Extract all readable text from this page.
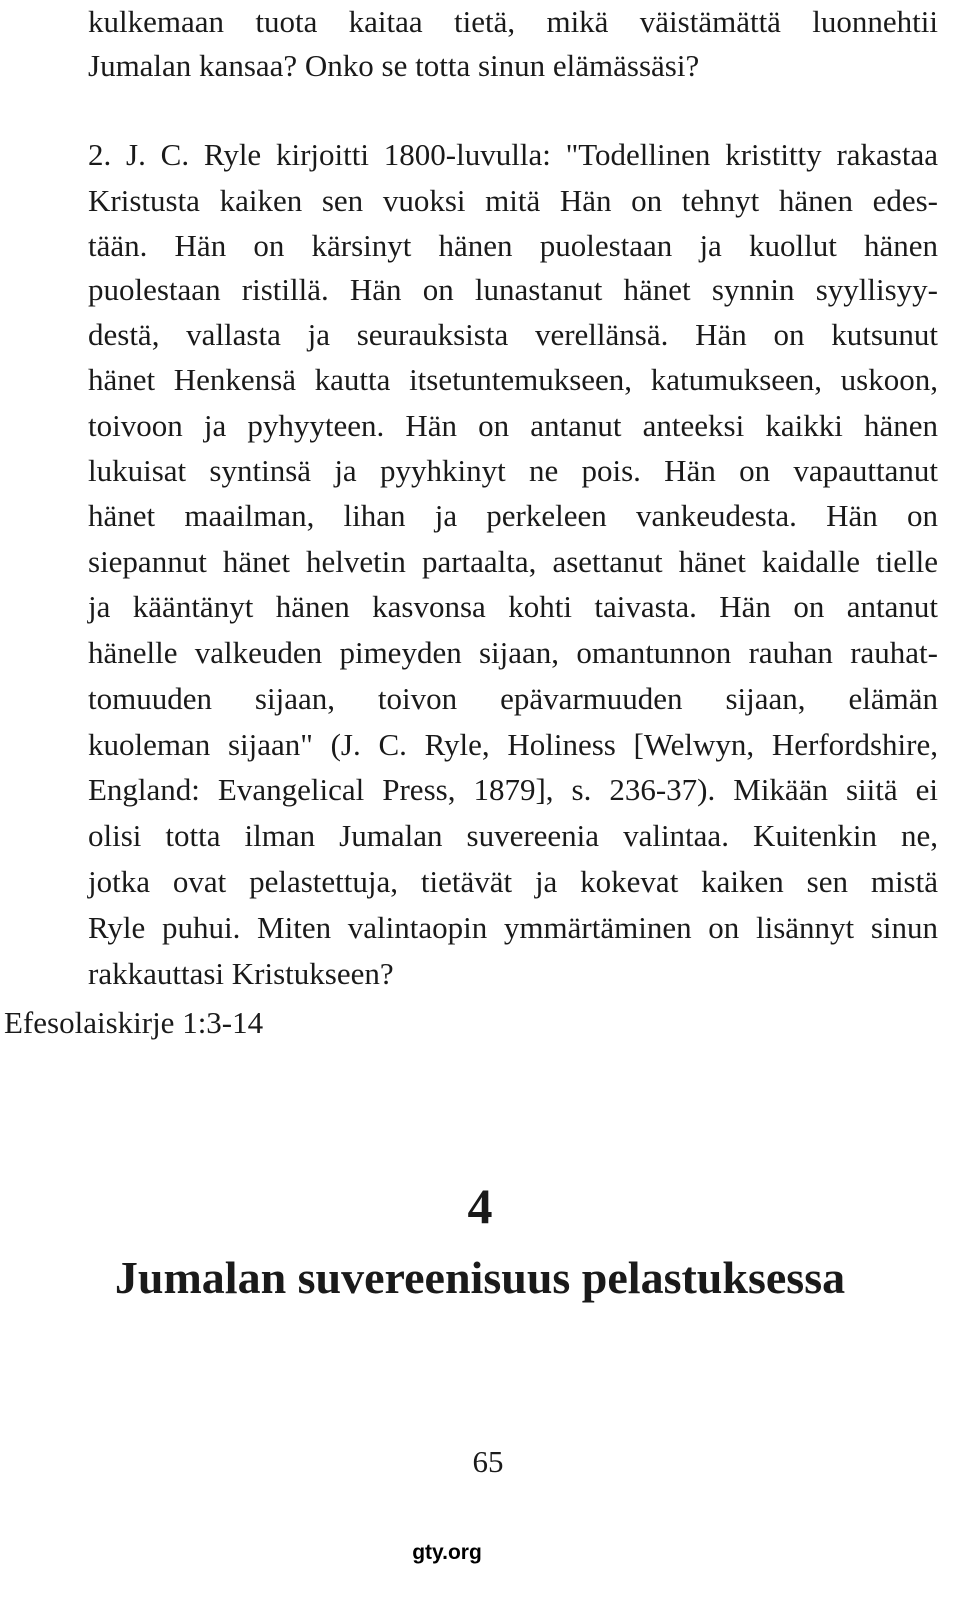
kulkemaan tuota kaitaa tietä, mikä väistämättä luonnehtii
Jumalan kansaa? Onko se totta sinun elämässäsi?
2. J. C. Ryle kirjoitti 1800-luvulla: "Todellinen kristitty rakastaa
Kristusta kaiken sen vuoksi mitä Hän on tehnyt hänen edes-
tään. Hän on kärsinyt hänen puolestaan ja kuollut hänen
puolestaan ristillä. Hän on lunastanut hänet synnin syyllisyy-
destä, vallasta ja seurauksista verellänsä. Hän on kutsunut
hänet Henkensä kautta itsetuntemukseen, katumukseen, uskoon,
toivoon ja pyhyyteen. Hän on antanut anteeksi kaikki hänen
lukuisat syntinsä ja pyyhkinyt ne pois. Hän on vapauttanut
hänet maailman, lihan ja perkeleen vankeudesta. Hän on
siepannut hänet helvetin partaalta, asettanut hänet kaidalle tielle
ja kääntänyt hänen kasvonsa kohti taivasta. Hän on antanut
hänelle valkeuden pimeyden sijaan, omantunnon rauhan rauhat-
tomuuden sijaan, toivon epävarmuuden sijaan, elämän
kuoleman sijaan" (J. C. Ryle, Holiness [Welwyn, Herfordshire,
England: Evangelical Press, 1879], s. 236-37). Mikään siitä ei
olisi totta ilman Jumalan suvereenia valintaa. Kuitenkin ne,
jotka ovat pelastettuja, tietävät ja kokevat kaiken sen mistä
Ryle puhui. Miten valintaopin ymmärtäminen on lisännyt sinun
rakkauttasi Kristukseen?
Efesolaiskirje 1:3-14
4
Jumalan suvereenisuus pelastuksessa
65
gty.org
